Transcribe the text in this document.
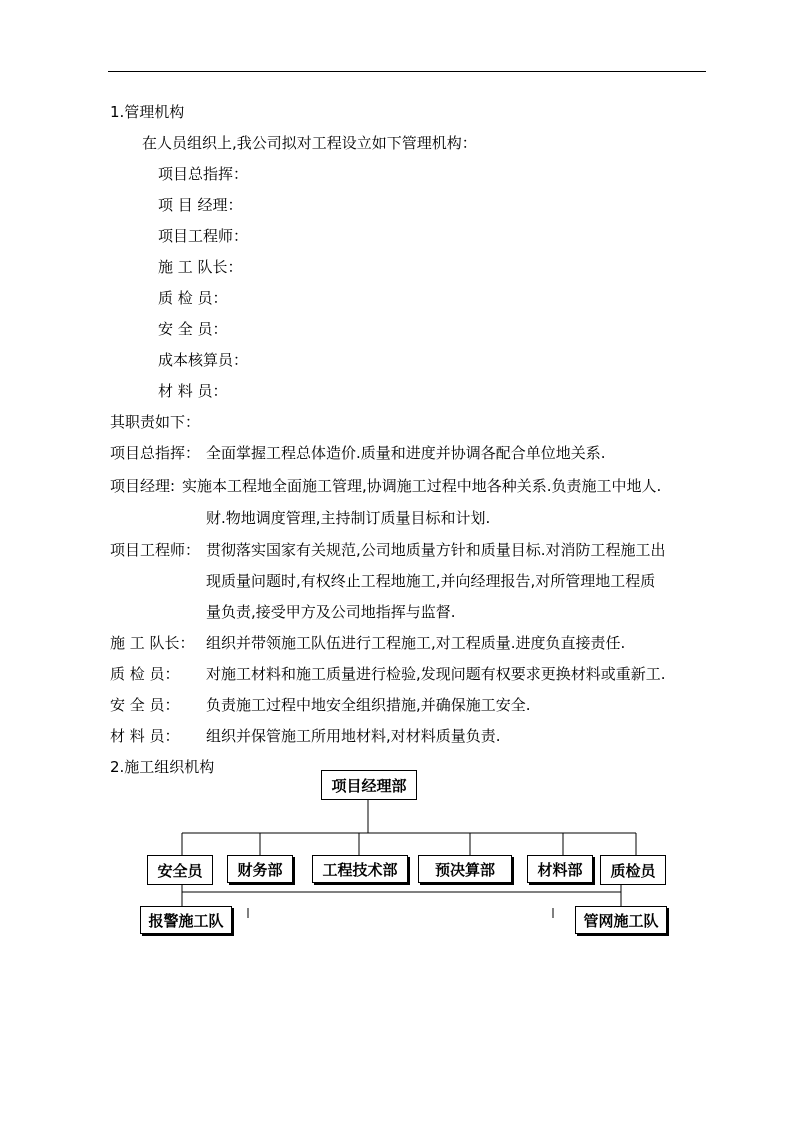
1.管理机构
在人员组织上,我公司拟对工程设立如下管理机构：
项目总指挥：
项 目 经理：
项目工程师：
施 工 队长：
质 检 员：
安 全 员：
成本核算员：
材 料 员：
其职责如下：
项目总指挥： 全面掌握工程总体造价.质量和进度并协调各配合单位地关系.
项目经理: 实施本工程地全面施工管理,协调施工过程中地各种关系.负责施工中地人.
财.物地调度管理,主持制订质量目标和计划.
项目工程师： 贯彻落实国家有关规范,公司地质量方针和质量目标.对消防工程施工出
现质量问题时,有权终止工程地施工,并向经理报告,对所管理地工程质
量负责,接受甲方及公司地指挥与监督.
施 工 队长： 组织并带领施工队伍进行工程施工,对工程质量.进度负直接责任.
质 检 员： 对施工材料和施工质量进行检验,发现问题有权要求更换材料或重新工.
安 全 员： 负责施工过程中地安全组织措施,并确保施工安全.
材 料 员： 组织并保管施工所用地材料,对材料质量负责.
2.施工组织机构
项目经理部
安全员	财务部	工程技术部	预决算部	材料部	质检员
报警施工队	管网施工队
